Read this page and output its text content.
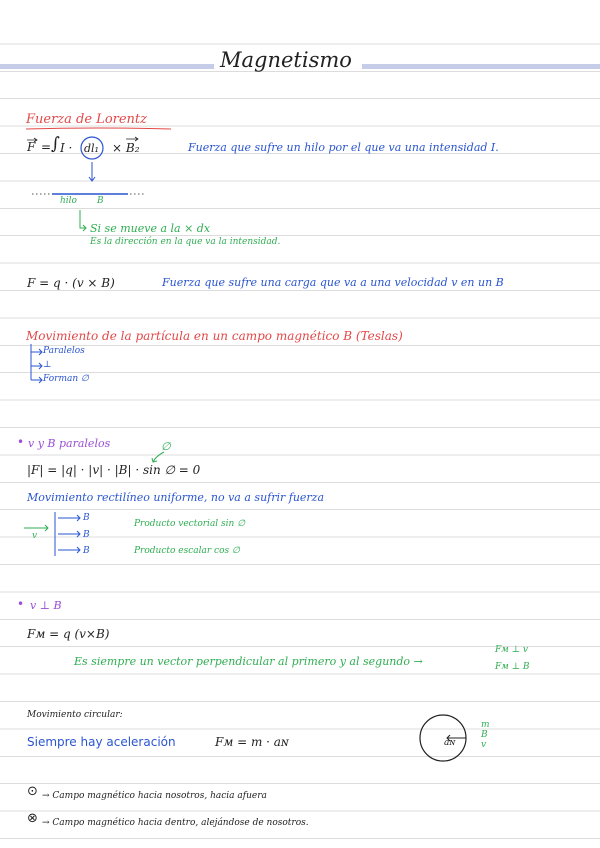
Magnetismo
Fuerza de Lorentz
F = ∫ I · dl₁ × B₂	Fuerza que sufre un hilo por el que va una intensidad I.
hilo B
Si se mueve a la × dx
Es la dirección en la que va la intensidad.
F = q · (v × B)	Fuerza que sufre una carga que va a una velocidad v en un B
Movimiento de la partícula en un campo magnético B (Teslas)
Paralelos
⊥
Forman ∅
• v y B paralelos	∅
|F| = |q| · |v| · |B| · sin ∅ = 0
Movimiento rectilíneo uniforme, no va a sufrir fuerza
v
B
B
B
Producto vectorial sin ∅
Producto escalar cos ∅
• v ⊥ B
Fм = q (v×B)
Es siempre un vector perpendicular al primero y al segundo →
Fм ⊥ v
Fм ⊥ B
Movimiento circular:
Siempre hay aceleración	Fм = m · aɴ	aɴ
m
B
v
⊙ → Campo magnético hacia nosotros, hacia afuera
⊗ → Campo magnético hacia dentro, alejándose de nosotros.
